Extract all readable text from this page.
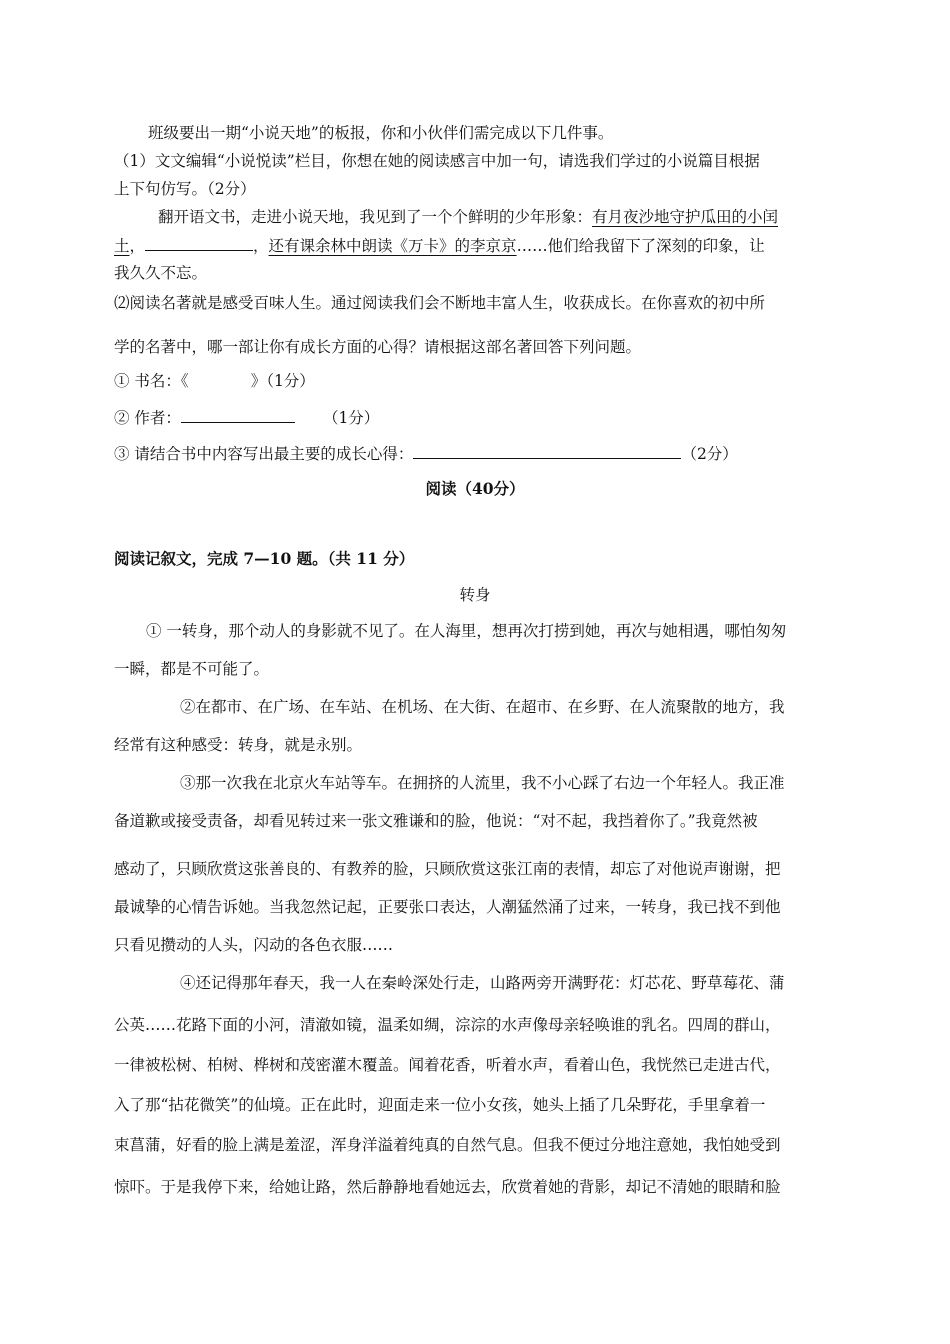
班级要出一期“小说天地”的板报，你和小伙伴们需完成以下几件事。
（1）文文编辑“小说悦读”栏目，你想在她的阅读感言中加一句，请选我们学过的小说篇目根据
上下句仿写。（2分）
翻开语文书，走进小说天地，我见到了一个个鲜明的少年形象：有月夜沙地守护瓜田的小闰
土，	，还有课余林中朗读《万卡》的李京京……他们给我留下了深刻的印象，让
我久久不忘。
⑵阅读名著就是感受百味人生。通过阅读我们会不断地丰富人生，收获成长。在你喜欢的初中所
学的名著中，哪一部让你有成长方面的心得？请根据这部名著回答下列问题。
① 书名：《	》（1分）
② 作者：	（1分）
③ 请结合书中内容写出最主要的成长心得：	（2分）
阅读（40分）
阅读记叙文，完成 7—10 题。（共 11 分）
转身
① 一转身，那个动人的身影就不见了。在人海里，想再次打捞到她，再次与她相遇，哪怕匆匆
一瞬，都是不可能了。
②在都市、在广场、在车站、在机场、在大街、在超市、在乡野、在人流聚散的地方，我
经常有这种感受：转身，就是永别。
③那一次我在北京火车站等车。在拥挤的人流里，我不小心踩了右边一个年轻人。我正准
备道歉或接受责备，却看见转过来一张文雅谦和的脸，他说：“对不起，我挡着你了。”我竟然被
感动了，只顾欣赏这张善良的、有教养的脸，只顾欣赏这张江南的表情，却忘了对他说声谢谢，把
最诚挚的心情告诉她。当我忽然记起，正要张口表达，人潮猛然涌了过来，一转身，我已找不到他
只看见攒动的人头，闪动的各色衣服……
④还记得那年春天，我一人在秦岭深处行走，山路两旁开满野花：灯芯花、野草莓花、蒲
公英……花路下面的小河，清澈如镜，温柔如绸，淙淙的水声像母亲轻唤谁的乳名。四周的群山，
一律被松树、柏树、桦树和茂密灌木覆盖。闻着花香，听着水声，看着山色，我恍然已走进古代，
入了那“拈花微笑”的仙境。正在此时，迎面走来一位小女孩，她头上插了几朵野花，手里拿着一
束菖蒲，好看的脸上满是羞涩，浑身洋溢着纯真的自然气息。但我不便过分地注意她，我怕她受到
惊吓。于是我停下来，给她让路，然后静静地看她远去，欣赏着她的背影，却记不清她的眼睛和脸
